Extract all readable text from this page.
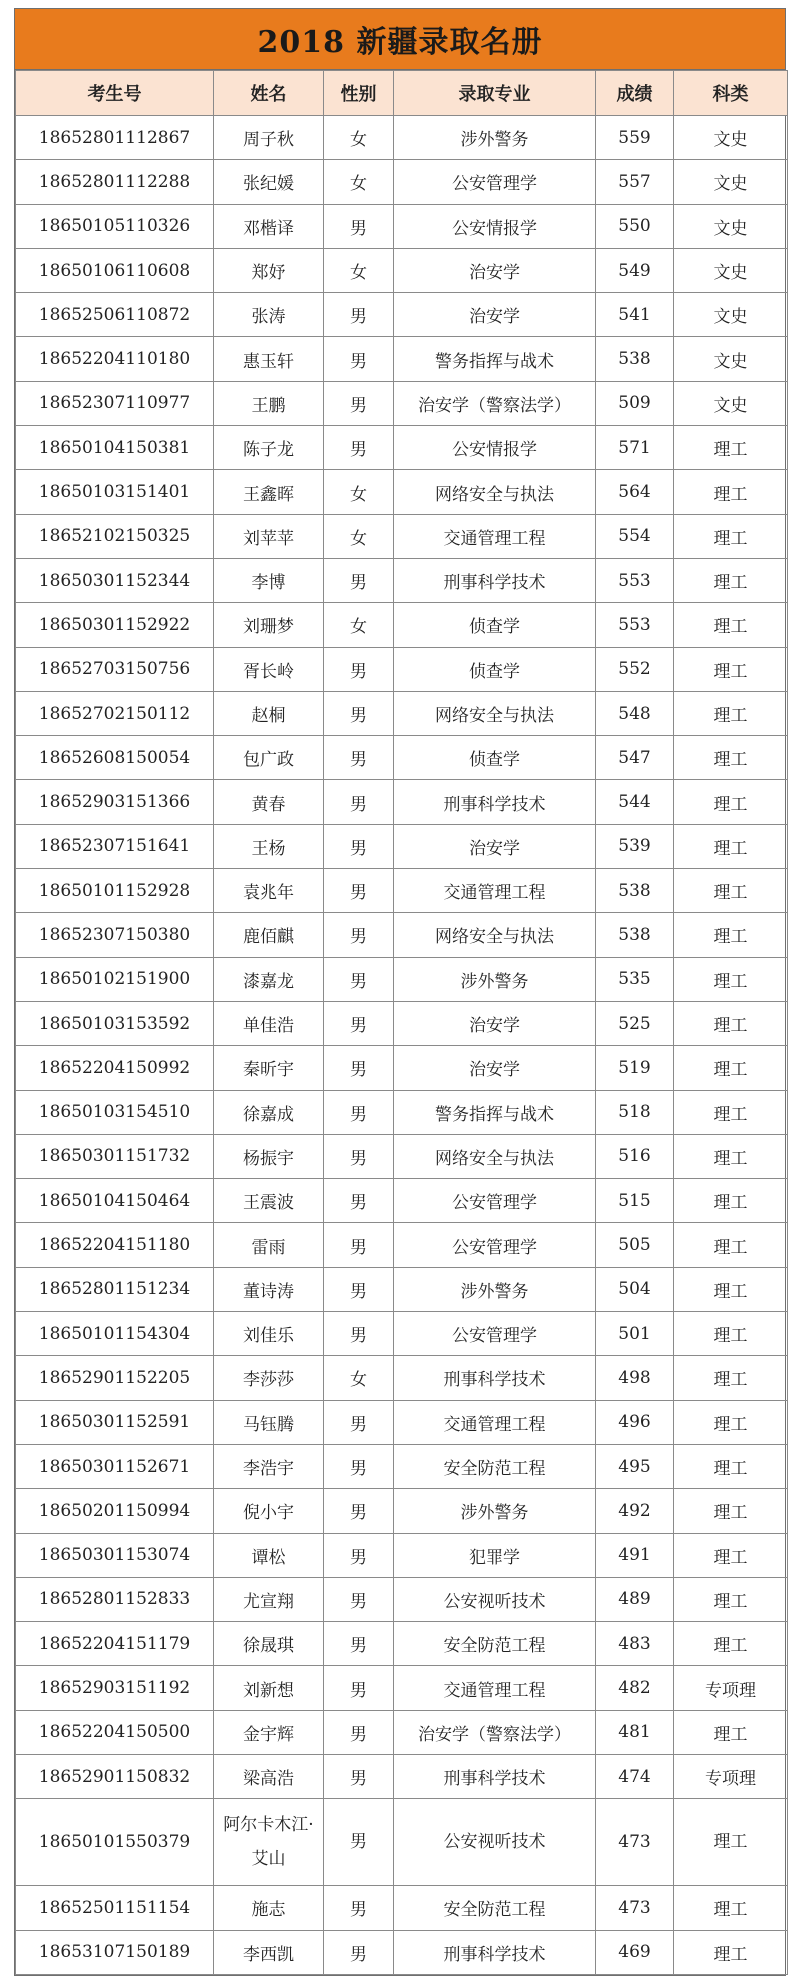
2018 新疆录取名册
考生号	姓名	性别	录取专业	成绩	科类
18652801112867	周子秋	女	涉外警务	559	文史
18652801112288	张纪媛	女	公安管理学	557	文史
18650105110326	邓楷译	男	公安情报学	550	文史
18650106110608	郑妤	女	治安学	549	文史
18652506110872	张涛	男	治安学	541	文史
18652204110180	惠玉轩	男	警务指挥与战术	538	文史
18652307110977	王鹏	男	治安学（警察法学）	509	文史
18650104150381	陈子龙	男	公安情报学	571	理工
18650103151401	王鑫晖	女	网络安全与执法	564	理工
18652102150325	刘苹苹	女	交通管理工程	554	理工
18650301152344	李博	男	刑事科学技术	553	理工
18650301152922	刘珊梦	女	侦查学	553	理工
18652703150756	胥长岭	男	侦查学	552	理工
18652702150112	赵桐	男	网络安全与执法	548	理工
18652608150054	包广政	男	侦查学	547	理工
18652903151366	黄春	男	刑事科学技术	544	理工
18652307151641	王杨	男	治安学	539	理工
18650101152928	袁兆年	男	交通管理工程	538	理工
18652307150380	鹿佰麒	男	网络安全与执法	538	理工
18650102151900	漆嘉龙	男	涉外警务	535	理工
18650103153592	单佳浩	男	治安学	525	理工
18652204150992	秦昕宇	男	治安学	519	理工
18650103154510	徐嘉成	男	警务指挥与战术	518	理工
18650301151732	杨振宇	男	网络安全与执法	516	理工
18650104150464	王震波	男	公安管理学	515	理工
18652204151180	雷雨	男	公安管理学	505	理工
18652801151234	董诗涛	男	涉外警务	504	理工
18650101154304	刘佳乐	男	公安管理学	501	理工
18652901152205	李莎莎	女	刑事科学技术	498	理工
18650301152591	马钰腾	男	交通管理工程	496	理工
18650301152671	李浩宇	男	安全防范工程	495	理工
18650201150994	倪小宇	男	涉外警务	492	理工
18650301153074	谭松	男	犯罪学	491	理工
18652801152833	尤宣翔	男	公安视听技术	489	理工
18652204151179	徐晟琪	男	安全防范工程	483	理工
18652903151192	刘新想	男	交通管理工程	482	专项理
18652204150500	金宇辉	男	治安学（警察法学）	481	理工
18652901150832	梁高浩	男	刑事科学技术	474	专项理
18650101550379	阿尔卡木江·艾山	男	公安视听技术	473	理工
18652501151154	施志	男	安全防范工程	473	理工
18653107150189	李西凯	男	刑事科学技术	469	理工
